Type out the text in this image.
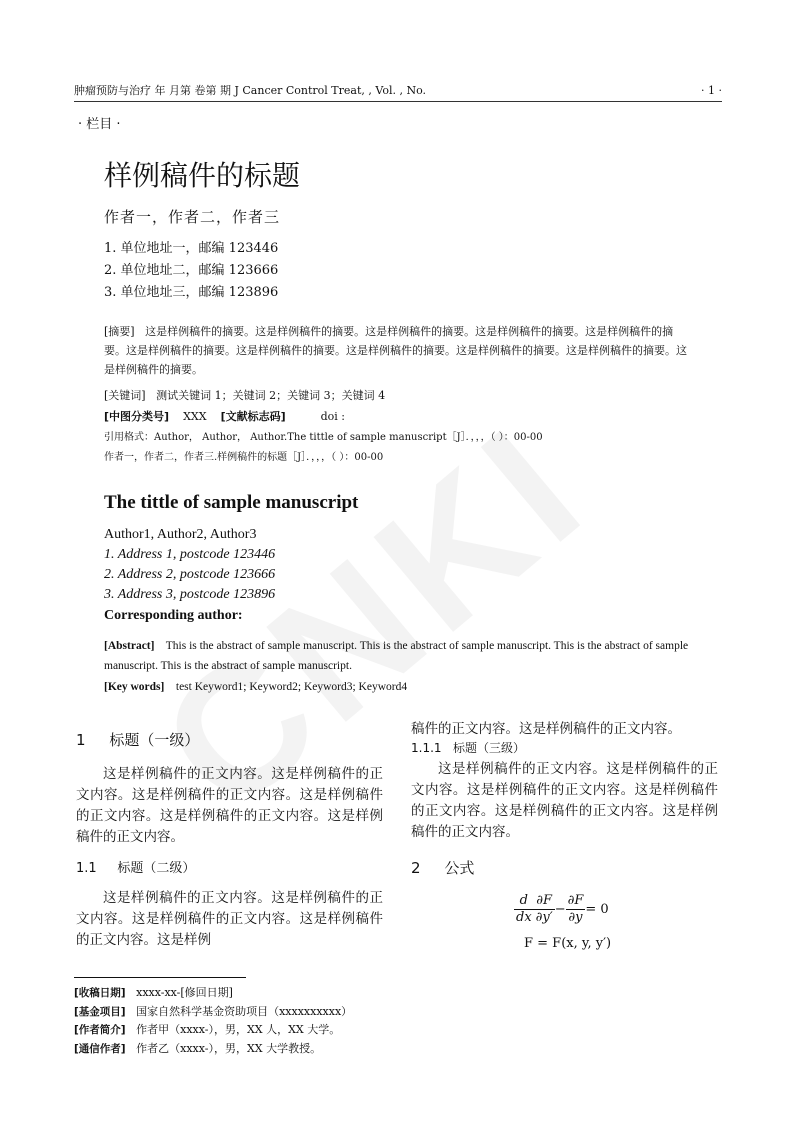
肿瘤预防与治疗 年 月第 卷第 期 J Cancer Control Treat, , Vol. , No.	· 1 ·
· 栏目 ·
样例稿件的标题
作者一，作者二，作者三
1. 单位地址一，邮编 123446
2. 单位地址二，邮编 123666
3. 单位地址三，邮编 123896
[摘要] 这是样例稿件的摘要。这是样例稿件的摘要。这是样例稿件的摘要。这是样例稿件的摘要。这是样例稿件的摘要。这是样例稿件的摘要。这是样例稿件的摘要。这是样例稿件的摘要。这是样例稿件的摘要。这是样例稿件的摘要。这是样例稿件的摘要。
[关键词] 测试关键词 1；关键词 2；关键词 3；关键词 4
[中图分类号] XXX [文献标志码]	doi :
引用格式：Author， Author， Author.The tittle of sample manuscript［J］．，，，（ ）：00-00
作者一，作者二，作者三.样例稿件的标题［J］．，，，（ ）：00-00
The tittle of sample manuscript
Author1, Author2, Author3
1. Address 1, postcode 123446
2. Address 2, postcode 123666
3. Address 3, postcode 123896
Corresponding author:
[Abstract] This is the abstract of sample manuscript. This is the abstract of sample manuscript. This is the abstract of sample manuscript. This is the abstract of sample manuscript.
[Key words] test Keyword1; Keyword2; Keyword3; Keyword4
1 标题（一级）
这是样例稿件的正文内容。这是样例稿件的正文内容。这是样例稿件的正文内容。这是样例稿件的正文内容。这是样例稿件的正文内容。这是样例稿件的正文内容。
1.1 标题（二级）
这是样例稿件的正文内容。这是样例稿件的正文内容。这是样例稿件的正文内容。这是样例稿件的正文内容。这是样例
稿件的正文内容。这是样例稿件的正文内容。
1.1.1 标题（三级）
这是样例稿件的正文内容。这是样例稿件的正文内容。这是样例稿件的正文内容。这是样例稿件的正文内容。这是样例稿件的正文内容。这是样例稿件的正文内容。
2 公式
$\frac{d}{dx} \frac{\partial F}{\partial y'} - \frac{\partial F}{\partial y} = 0$
F = F(x, y, y′)
[收稿日期] xxxx-xx-[修回日期]
[基金项目] 国家自然科学基金资助项目（xxxxxxxxxx）
[作者简介] 作者甲（xxxx-），男，XX 人，XX 大学。
[通信作者] 作者乙（xxxx-），男，XX 大学教授。
